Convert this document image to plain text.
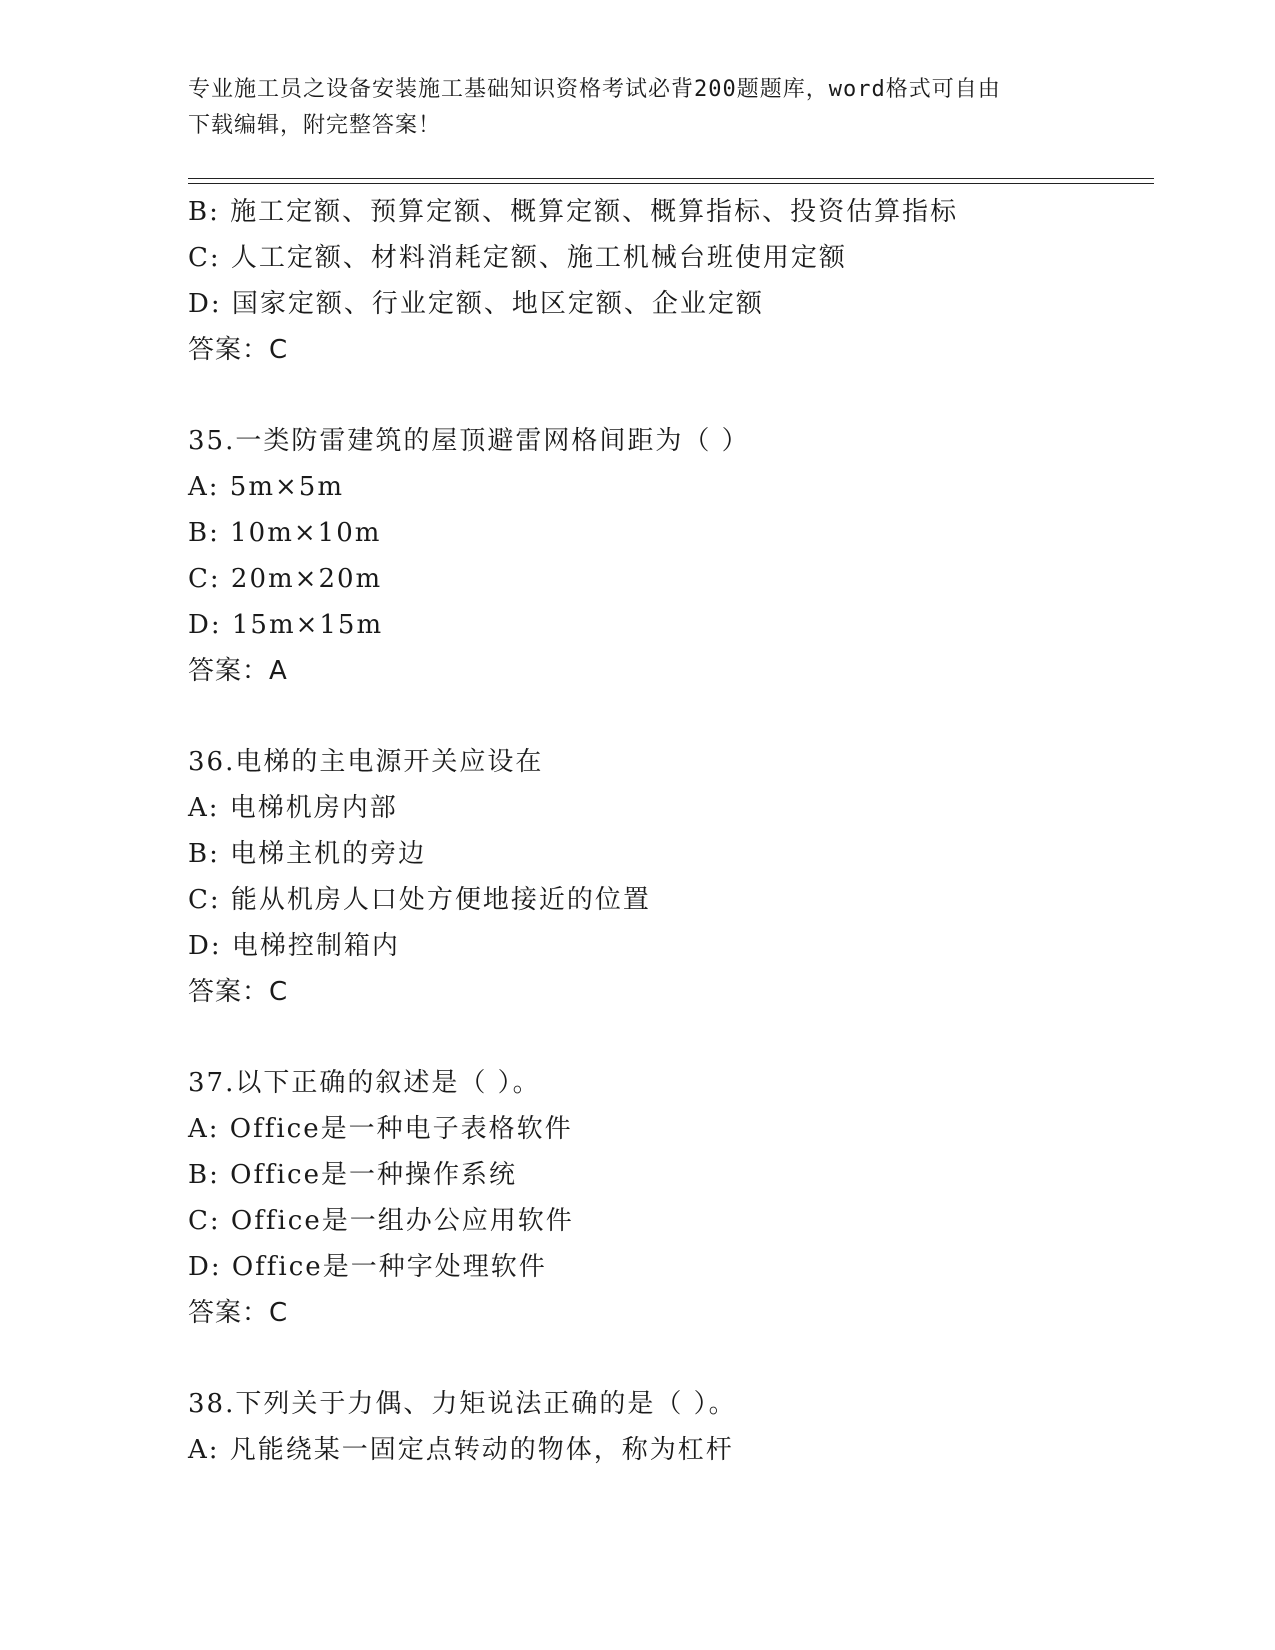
专业施工员之设备安装施工基础知识资格考试必背200题题库，word格式可自由
下载编辑，附完整答案！
B: 施工定额、预算定额、概算定额、概算指标、投资估算指标
C: 人工定额、材料消耗定额、施工机械台班使用定额
D: 国家定额、行业定额、地区定额、企业定额
答案：C
35.一类防雷建筑的屋顶避雷网格间距为（ ）
A: 5m×5m
B: 10m×10m
C: 20m×20m
D: 15m×15m
答案：A
36.电梯的主电源开关应设在
A: 电梯机房内部
B: 电梯主机的旁边
C: 能从机房人口处方便地接近的位置
D: 电梯控制箱内
答案：C
37.以下正确的叙述是（ ）。
A: Office是一种电子表格软件
B: Office是一种操作系统
C: Office是一组办公应用软件
D: Office是一种字处理软件
答案：C
38.下列关于力偶、力矩说法正确的是（ ）。
A: 凡能绕某一固定点转动的物体，称为杠杆
